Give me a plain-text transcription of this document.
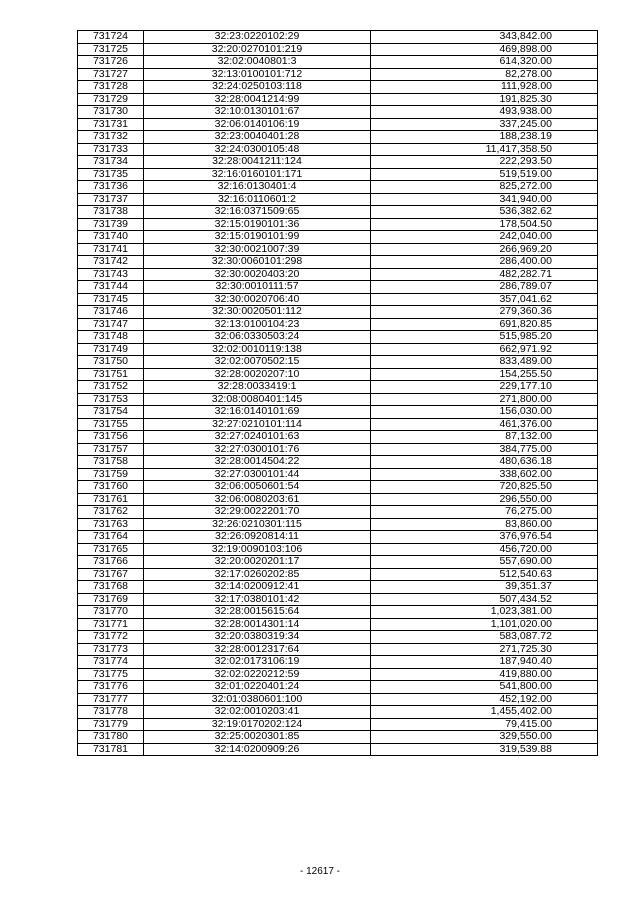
731724	32:23:0220102:29	343,842.00
731725	32:20:0270101:219	469,898.00
731726	32:02:0040801:3	614,320.00
731727	32:13:0100101:712	82,278.00
731728	32:24:0250103:118	111,928.00
731729	32:28:0041214:99	191,825.30
731730	32:10:0130101:67	493,938.00
731731	32:06:0140106:19	337,245.00
731732	32:23:0040401:28	188,238.19
731733	32:24:0300105:48	11,417,358.50
731734	32:28:0041211:124	222,293.50
731735	32:16:0160101:171	519,519.00
731736	32:16:0130401:4	825,272.00
731737	32:16:0110601:2	341,940.00
731738	32:16:0371509:65	536,382.62
731739	32:15:0190101:36	178,504.50
731740	32:15:0190101:99	242,040.00
731741	32:30:0021007:39	266,969.20
731742	32:30:0060101:298	286,400.00
731743	32:30:0020403:20	482,282.71
731744	32:30:0010111:57	286,789.07
731745	32:30:0020706:40	357,041.62
731746	32:30:0020501:112	279,360.36
731747	32:13:0100104:23	691,820.85
731748	32:06:0330503:24	515,985.20
731749	32:02:0010119:138	662,971.92
731750	32:02:0070502:15	833,489.00
731751	32:28:0020207:10	154,255.50
731752	32:28:0033419:1	229,177.10
731753	32:08:0080401:145	271,800.00
731754	32:16:0140101:69	156,030.00
731755	32:27:0210101:114	461,376.00
731756	32:27:0240101:63	87,132.00
731757	32:27:0300101:76	384,775.00
731758	32:28:0014504:22	480,636.18
731759	32:27:0300101:44	338,602.00
731760	32:06:0050601:54	720,825.50
731761	32:06:0080203:61	296,550.00
731762	32:29:0022201:70	76,275.00
731763	32:26:0210301:115	83,860.00
731764	32:26:0920814:11	376,976.54
731765	32:19:0090103:106	456,720.00
731766	32:20:0020201:17	557,690.00
731767	32:17:0260202:85	512,540.63
731768	32:14:0200912:41	39,351.37
731769	32:17:0380101:42	507,434.52
731770	32:28:0015615:64	1,023,381.00
731771	32:28:0014301:14	1,101,020.00
731772	32:20:0380319:34	583,087.72
731773	32:28:0012317:64	271,725.30
731774	32:02:0173106:19	187,940.40
731775	32:02:0220212:59	419,880.00
731776	32:01:0220401:24	541,800.00
731777	32:01:0380601:100	452,192.00
731778	32:02:0010203:41	1,455,402.00
731779	32:19:0170202:124	79,415.00
731780	32:25:0020301:85	329,550.00
731781	32:14:0200909:26	319,539.88
- 12617 -
